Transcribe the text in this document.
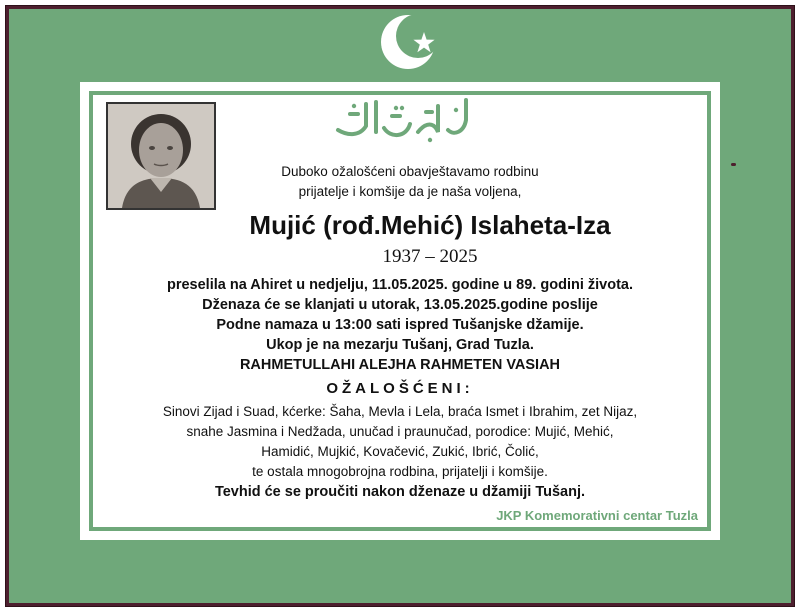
Duboko ožalošćeni obavještavamo rodbinu
prijatelje i komšije da je naša voljena,
Mujić (rođ.Mehić) Islaheta-Iza
1937 – 2025
preselila na Ahiret u nedjelju, 11.05.2025. godine u 89. godini života.
Dženaza će se klanjati u utorak, 13.05.2025.godine poslije
Podne namaza u 13:00 sati ispred Tušanjske džamije.
Ukop je na mezarju Tušanj, Grad Tuzla.
RAHMETULLAHI ALEJHA RAHMETEN VASIAH
OŽALOŠĆENI:
Sinovi Zijad i Suad, kćerke: Šaha, Mevla i Lela, braća Ismet i Ibrahim, zet Nijaz,
snahe Jasmina i Nedžada, unučad i praunučad, porodice: Mujić, Mehić,
Hamidić, Mujkić, Kovačević, Zukić, Ibrić, Čolić,
te ostala mnogobrojna rodbina, prijatelji i komšije.
Tevhid će se proučiti nakon dženaze u džamiji Tušanj.
JKP Komemorativni centar Tuzla
